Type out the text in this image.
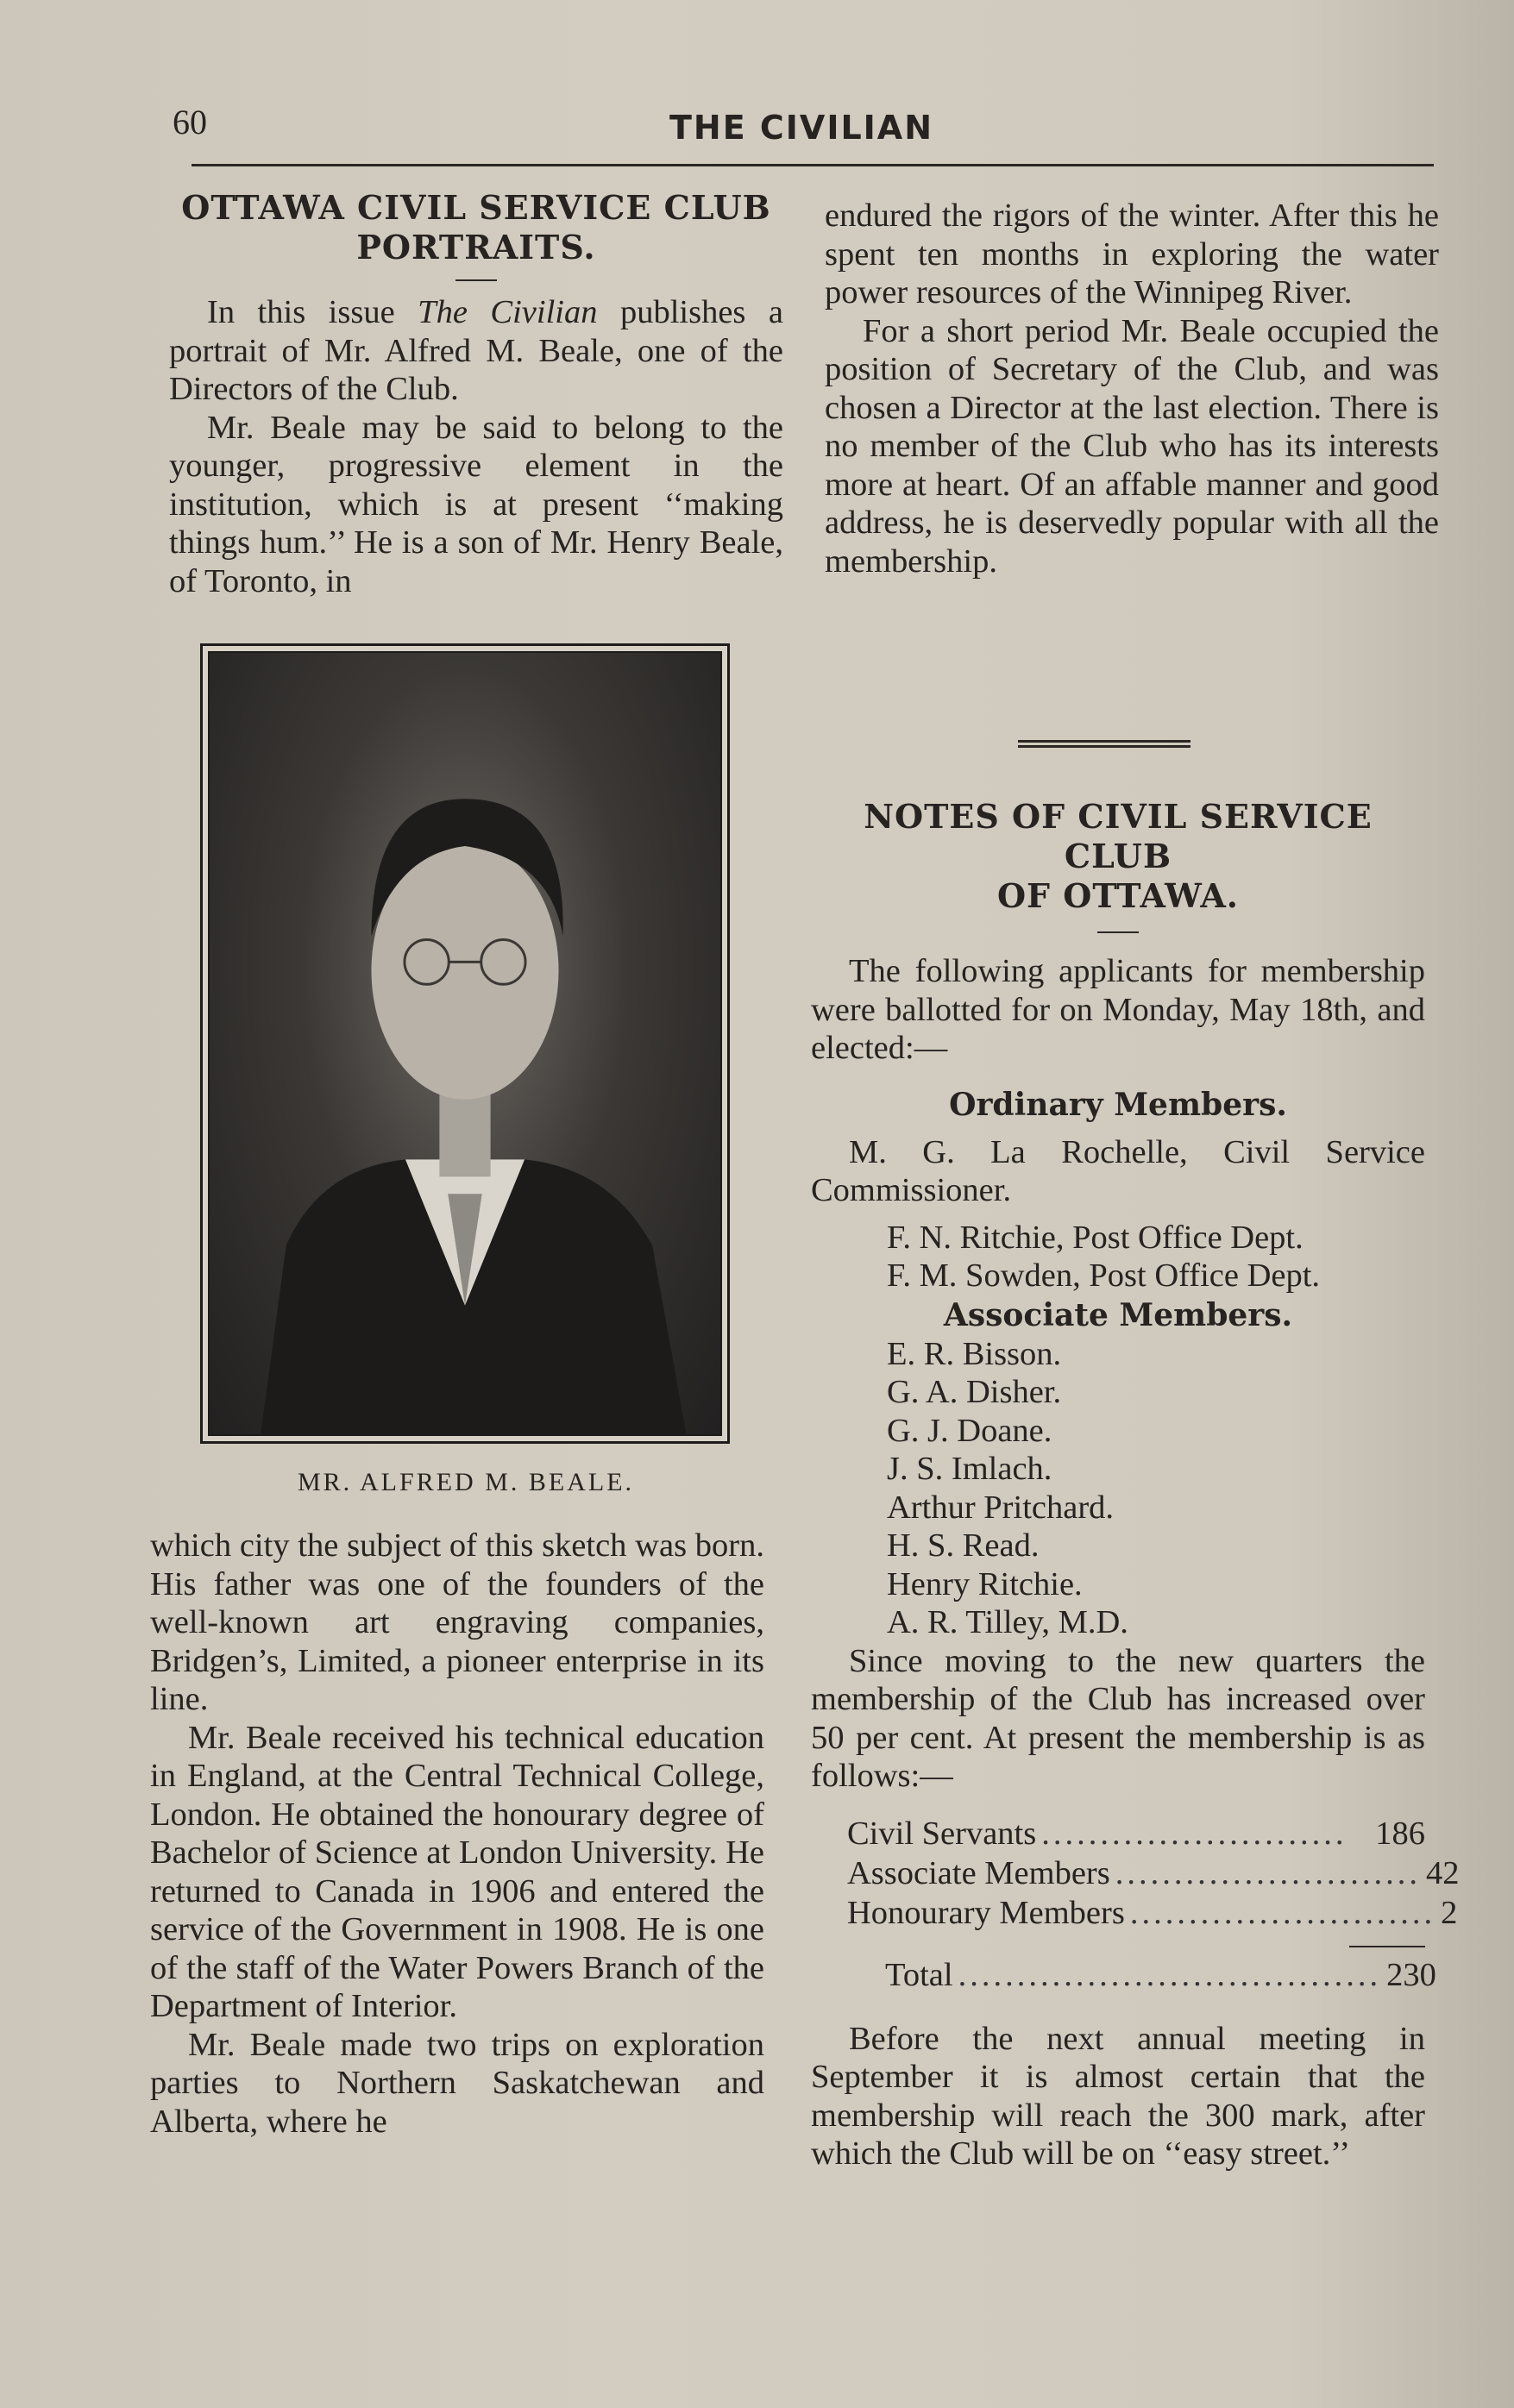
60	THE CIVILIAN
OTTAWA CIVIL SERVICE CLUB
PORTRAITS.

In this issue The Civilian publishes a portrait of Mr. Alfred M. Beale, one of the Directors of the Club.

Mr. Beale may be said to belong to the younger, progressive element in the institution, which is at present ‘‘making things hum.’’ He is a son of Mr. Henry Beale, of Toronto, in

MR. ALFRED M. BEALE.

which city the subject of this sketch was born. His father was one of the founders of the well-known art engraving companies, Bridgen’s, Limited, a pioneer enterprise in its line.

Mr. Beale received his technical education in England, at the Central Technical College, London. He obtained the honourary degree of Bachelor of Science at London University. He returned to Canada in 1906 and entered the service of the Government in 1908. He is one of the staff of the Water Powers Branch of the Department of Interior.

Mr. Beale made two trips on exploration parties to Northern Saskatchewan and Alberta, where he

endured the rigors of the winter. After this he spent ten months in exploring the water power resources of the Winnipeg River.

For a short period Mr. Beale occupied the position of Secretary of the Club, and was chosen a Director at the last election. There is no member of the Club who has its interests more at heart. Of an affable manner and good address, he is deservedly popular with all the membership.

NOTES OF CIVIL SERVICE CLUB
OF OTTAWA.

The following applicants for membership were ballotted for on Monday, May 18th, and elected:—

Ordinary Members.

M. G. La Rochelle, Civil Service Commissioner.

F. N. Ritchie, Post Office Dept.

F. M. Sowden, Post Office Dept.

Associate Members.

E. R. Bisson.

G. A. Disher.

G. J. Doane.

J. S. Imlach.

Arthur Pritchard.

H. S. Read.

Henry Ritchie.

A. R. Tilley, M.D.

Since moving to the new quarters the membership of the Club has increased over 50 per cent. At present the membership is as follows:—

Civil Servants .......................... 186
Associate Members .......................... 42
Honourary Members .......................... 2
Total .................................... 230

Before the next annual meeting in September it is almost certain that the membership will reach the 300 mark, after which the Club will be on ‘‘easy street.’’
